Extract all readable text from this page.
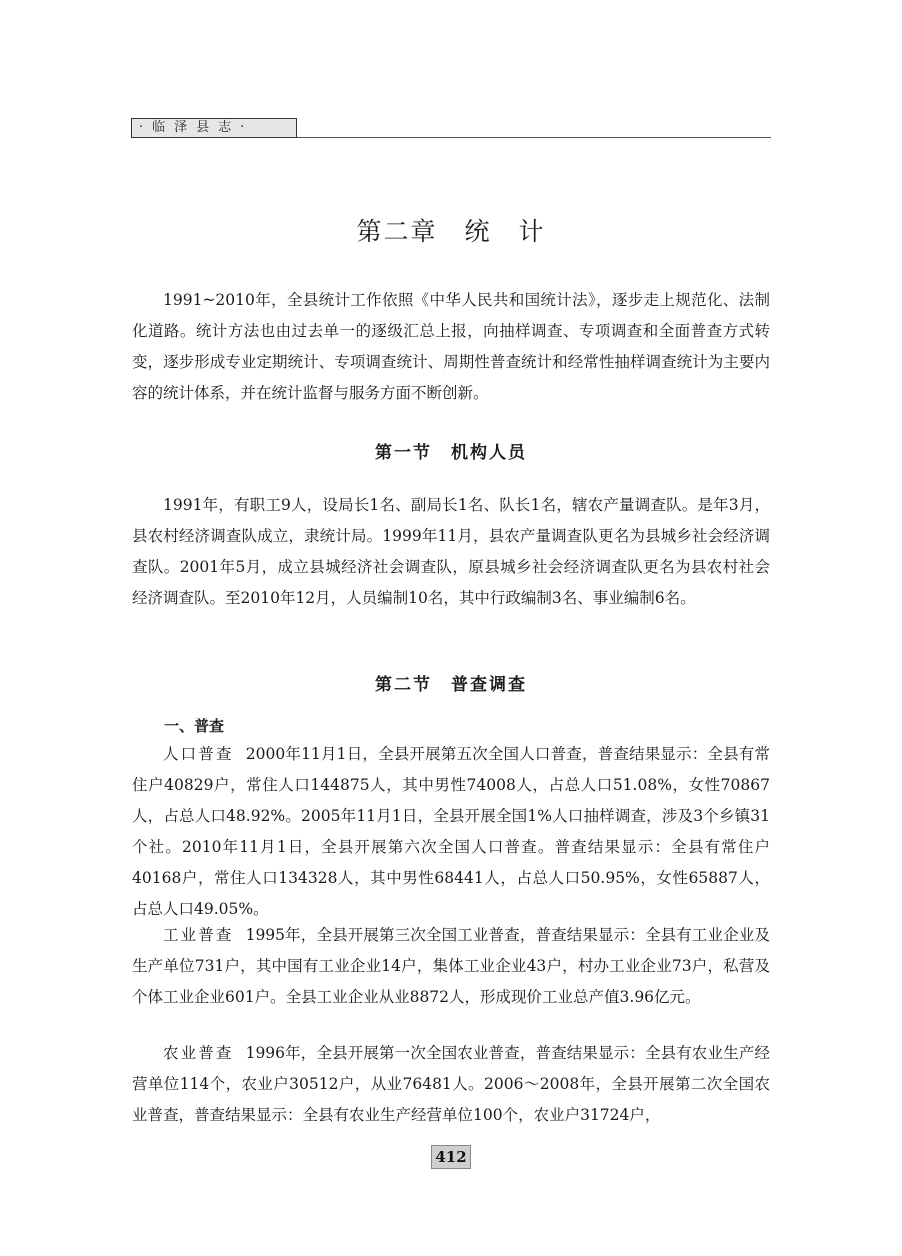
·临泽县志·
第二章　统　计

1991~2010年，全县统计工作依照《中华人民共和国统计法》，逐步走上规范化、法制化道路。统计方法也由过去单一的逐级汇总上报，向抽样调查、专项调查和全面普查方式转变，逐步形成专业定期统计、专项调查统计、周期性普查统计和经常性抽样调查统计为主要内容的统计体系，并在统计监督与服务方面不断创新。

第一节　机构人员

1991年，有职工9人，设局长1名、副局长1名、队长1名，辖农产量调查队。是年3月，县农村经济调查队成立，隶统计局。1999年11月，县农产量调查队更名为县城乡社会经济调查队。2001年5月，成立县城经济社会调查队，原县城乡社会经济调查队更名为县农村社会经济调查队。至2010年12月，人员编制10名，其中行政编制3名、事业编制6名。

第二节　普查调查
一、普查

人口普查 2000年11月1日，全县开展第五次全国人口普查，普查结果显示：全县有常住户40829户，常住人口144875人，其中男性74008人，占总人口51.08%，女性70867人，占总人口48.92%。2005年11月1日，全县开展全国1%人口抽样调查，涉及3个乡镇31个社。2010年11月1日，全县开展第六次全国人口普查。普查结果显示：全县有常住户40168户，常住人口134328人，其中男性68441人，占总人口50.95%，女性65887人，占总人口49.05%。

工业普查 1995年，全县开展第三次全国工业普查，普查结果显示：全县有工业企业及生产单位731户，其中国有工业企业14户，集体工业企业43户，村办工业企业73户，私营及个体工业企业601户。全县工业企业从业8872人，形成现价工业总产值3.96亿元。

农业普查 1996年，全县开展第一次全国农业普查，普查结果显示：全县有农业生产经营单位114个，农业户30512户，从业76481人。2006～2008年，全县开展第二次全国农业普查，普查结果显示：全县有农业生产经营单位100个，农业户31724户，

412
